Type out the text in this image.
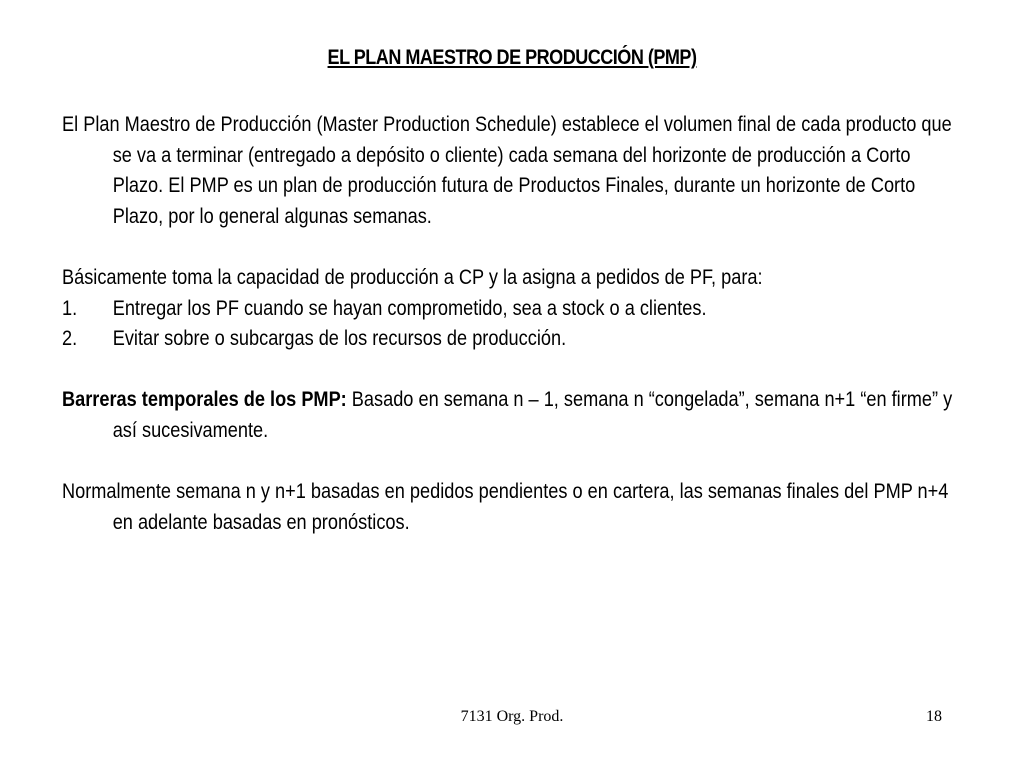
EL PLAN MAESTRO DE PRODUCCIÓN (PMP)

El Plan Maestro de Producción (Master Production Schedule) establece el volumen final de cada producto que se va a terminar (entregado a depósito o cliente) cada semana del horizonte de producción a Corto Plazo. El PMP es un plan de producción futura de Productos Finales, durante un horizonte de Corto Plazo, por lo general algunas semanas.

Básicamente toma la capacidad de producción a CP y la asigna a pedidos de PF, para:

1. Entregar los PF cuando se hayan comprometido, sea a stock o a clientes.
2. Evitar sobre o subcargas de los recursos de producción.

Barreras temporales de los PMP: Basado en semana n – 1, semana n “congelada”, semana n+1 “en firme” y así sucesivamente.

Normalmente semana n y n+1 basadas en pedidos pendientes o en cartera, las semanas finales del PMP n+4 en adelante basadas en pronósticos.

7131 Org. Prod.	18
